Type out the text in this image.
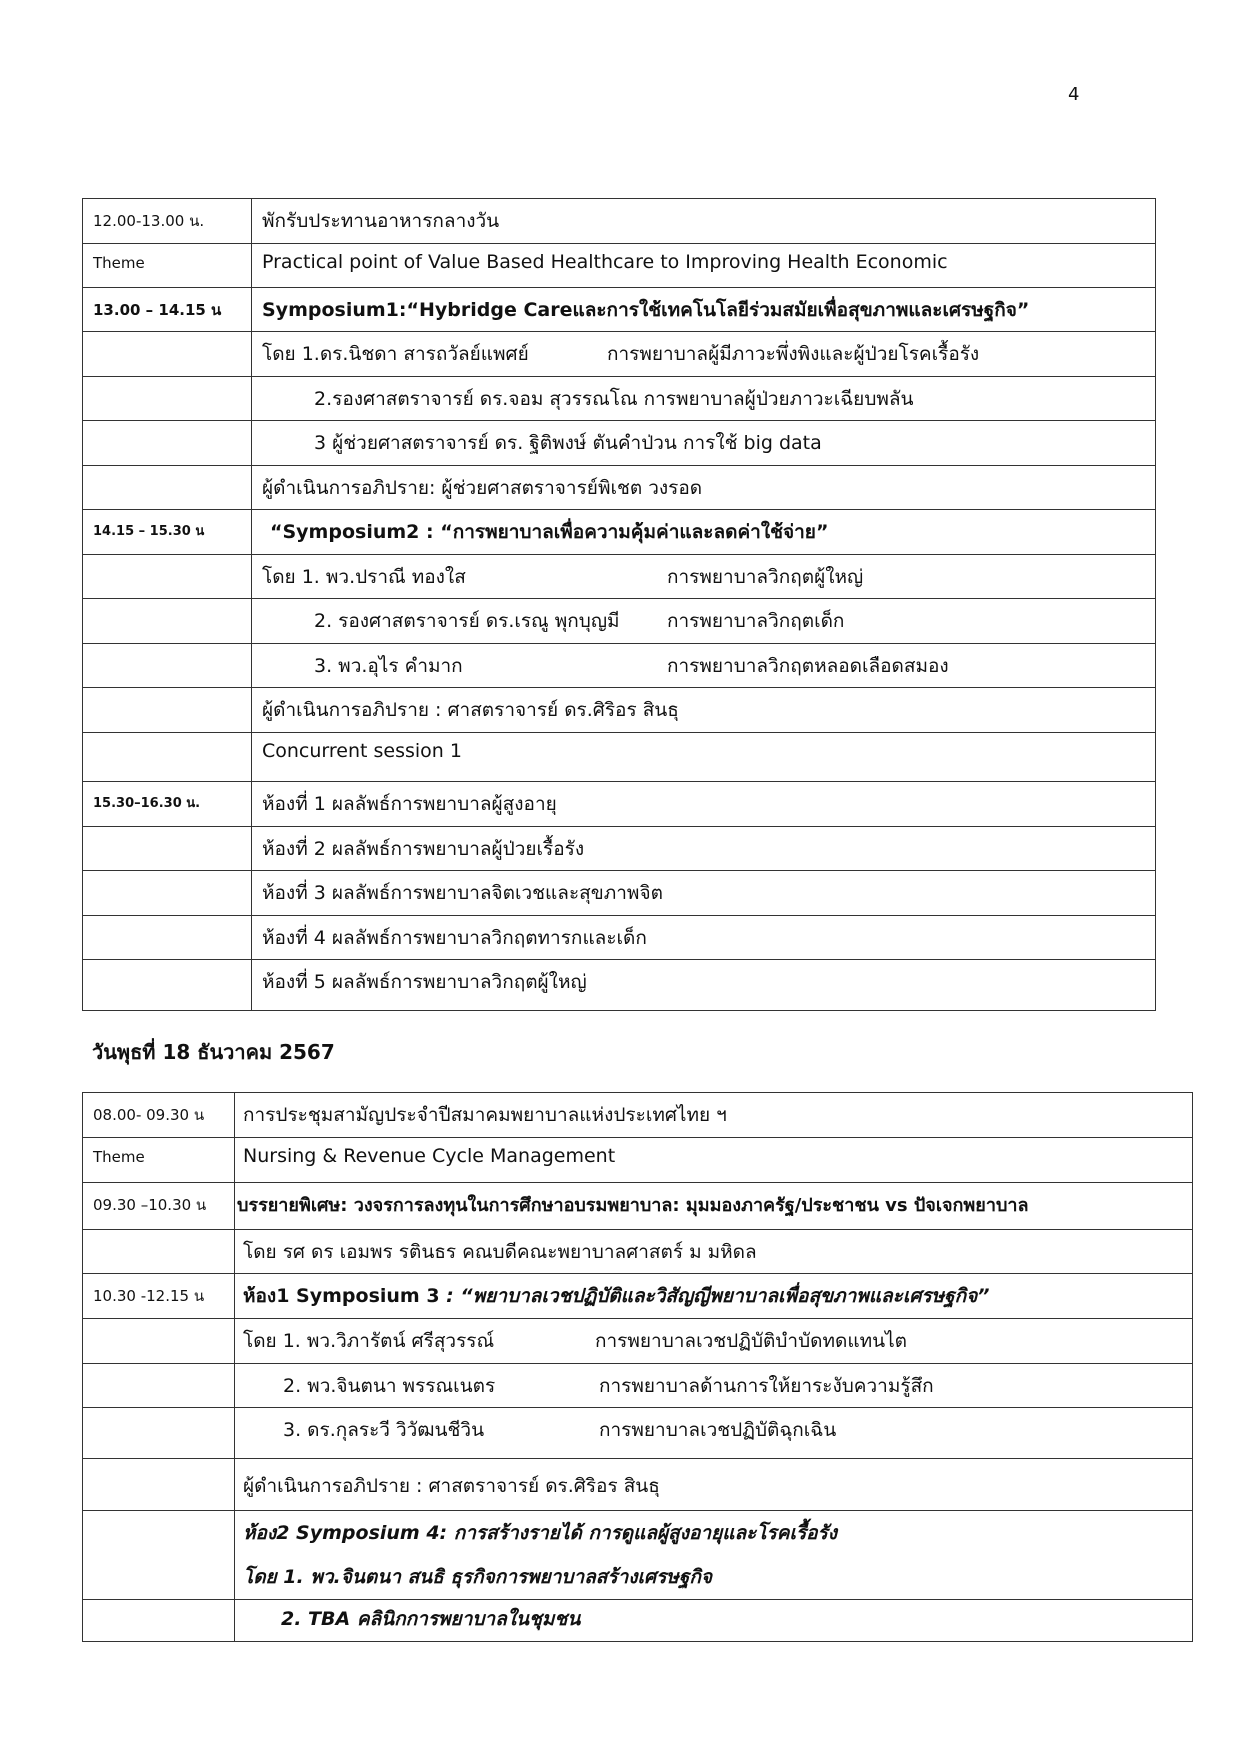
4
12.00-13.00 น.	พักรับประทานอาหารกลางวัน
Theme	Practical point of Value Based Healthcare to Improving Health Economic
13.00 – 14.15 น	Symposium1:“Hybridge Careและการใช้เทคโนโลยีร่วมสมัยเพื่อสุขภาพและเศรษฐกิจ”
	โดย 1.ดร.นิชดา สารถวัลย์แพศย์ การพยาบาลผู้มีภาวะพึ่งพิงและผู้ป่วยโรคเรื้อรัง
	2.รองศาสตราจารย์ ดร.จอม สุวรรณโณ การพยาบาลผู้ป่วยภาวะเฉียบพลัน
	3 ผู้ช่วยศาสตราจารย์ ดร. ฐิติพงษ์ ตันคำป่วน การใช้ big data
	ผู้ดำเนินการอภิปราย: ผู้ช่วยศาสตราจารย์พิเชต วงรอด
14.15 – 15.30 น	“Symposium2 : “การพยาบาลเพื่อความคุ้มค่าและลดค่าใช้จ่าย”
	โดย 1. พว.ปราณี ทองใส การพยาบาลวิกฤตผู้ใหญ่
	2. รองศาสตราจารย์ ดร.เรณู พุกบุญมี การพยาบาลวิกฤตเด็ก
	3. พว.อุไร คำมาก การพยาบาลวิกฤตหลอดเลือดสมอง
	ผู้ดำเนินการอภิปราย : ศาสตราจารย์ ดร.ศิริอร สินธุ
	Concurrent session 1
15.30–16.30 น.	ห้องที่ 1 ผลลัพธ์การพยาบาลผู้สูงอายุ
	ห้องที่ 2 ผลลัพธ์การพยาบาลผู้ป่วยเรื้อรัง
	ห้องที่ 3 ผลลัพธ์การพยาบาลจิตเวชและสุขภาพจิต
	ห้องที่ 4 ผลลัพธ์การพยาบาลวิกฤตทารกและเด็ก
	ห้องที่ 5 ผลลัพธ์การพยาบาลวิกฤตผู้ใหญ่
วันพุธที่ 18 ธันวาคม 2567
08.00- 09.30 น	การประชุมสามัญประจำปีสมาคมพยาบาลแห่งประเทศไทย ฯ
Theme	Nursing & Revenue Cycle Management
09.30 –10.30 น	บรรยายพิเศษ: วงจรการลงทุนในการศึกษาอบรมพยาบาล: มุมมองภาครัฐ/ประชาชน vs ปัจเจกพยาบาล
	โดย รศ ดร เอมพร รตินธร คณบดีคณะพยาบาลศาสตร์ ม มหิดล
10.30 -12.15 น	ห้อง1 Symposium 3 : “พยาบาลเวชปฏิบัติและวิสัญญีพยาบาลเพื่อสุขภาพและเศรษฐกิจ”
	โดย 1. พว.วิภารัตน์ ศรีสุวรรณ์ การพยาบาลเวชปฏิบัติบำบัดทดแทนไต
	2. พว.จินตนา พรรณเนตร การพยาบาลด้านการให้ยาระงับความรู้สึก
	3. ดร.กุลระวี วิวัฒนชีวิน การพยาบาลเวชปฏิบัติฉุกเฉิน
	ผู้ดำเนินการอภิปราย : ศาสตราจารย์ ดร.ศิริอร สินธุ

	ห้อง2 Symposium 4: การสร้างรายได้ การดูแลผู้สูงอายุและโรคเรื้อรัง
โดย 1. พว.จินตนา สนธิ ธุรกิจการพยาบาลสร้างเศรษฐกิจ

	2. TBA คลินิกการพยาบาลในชุมชน
